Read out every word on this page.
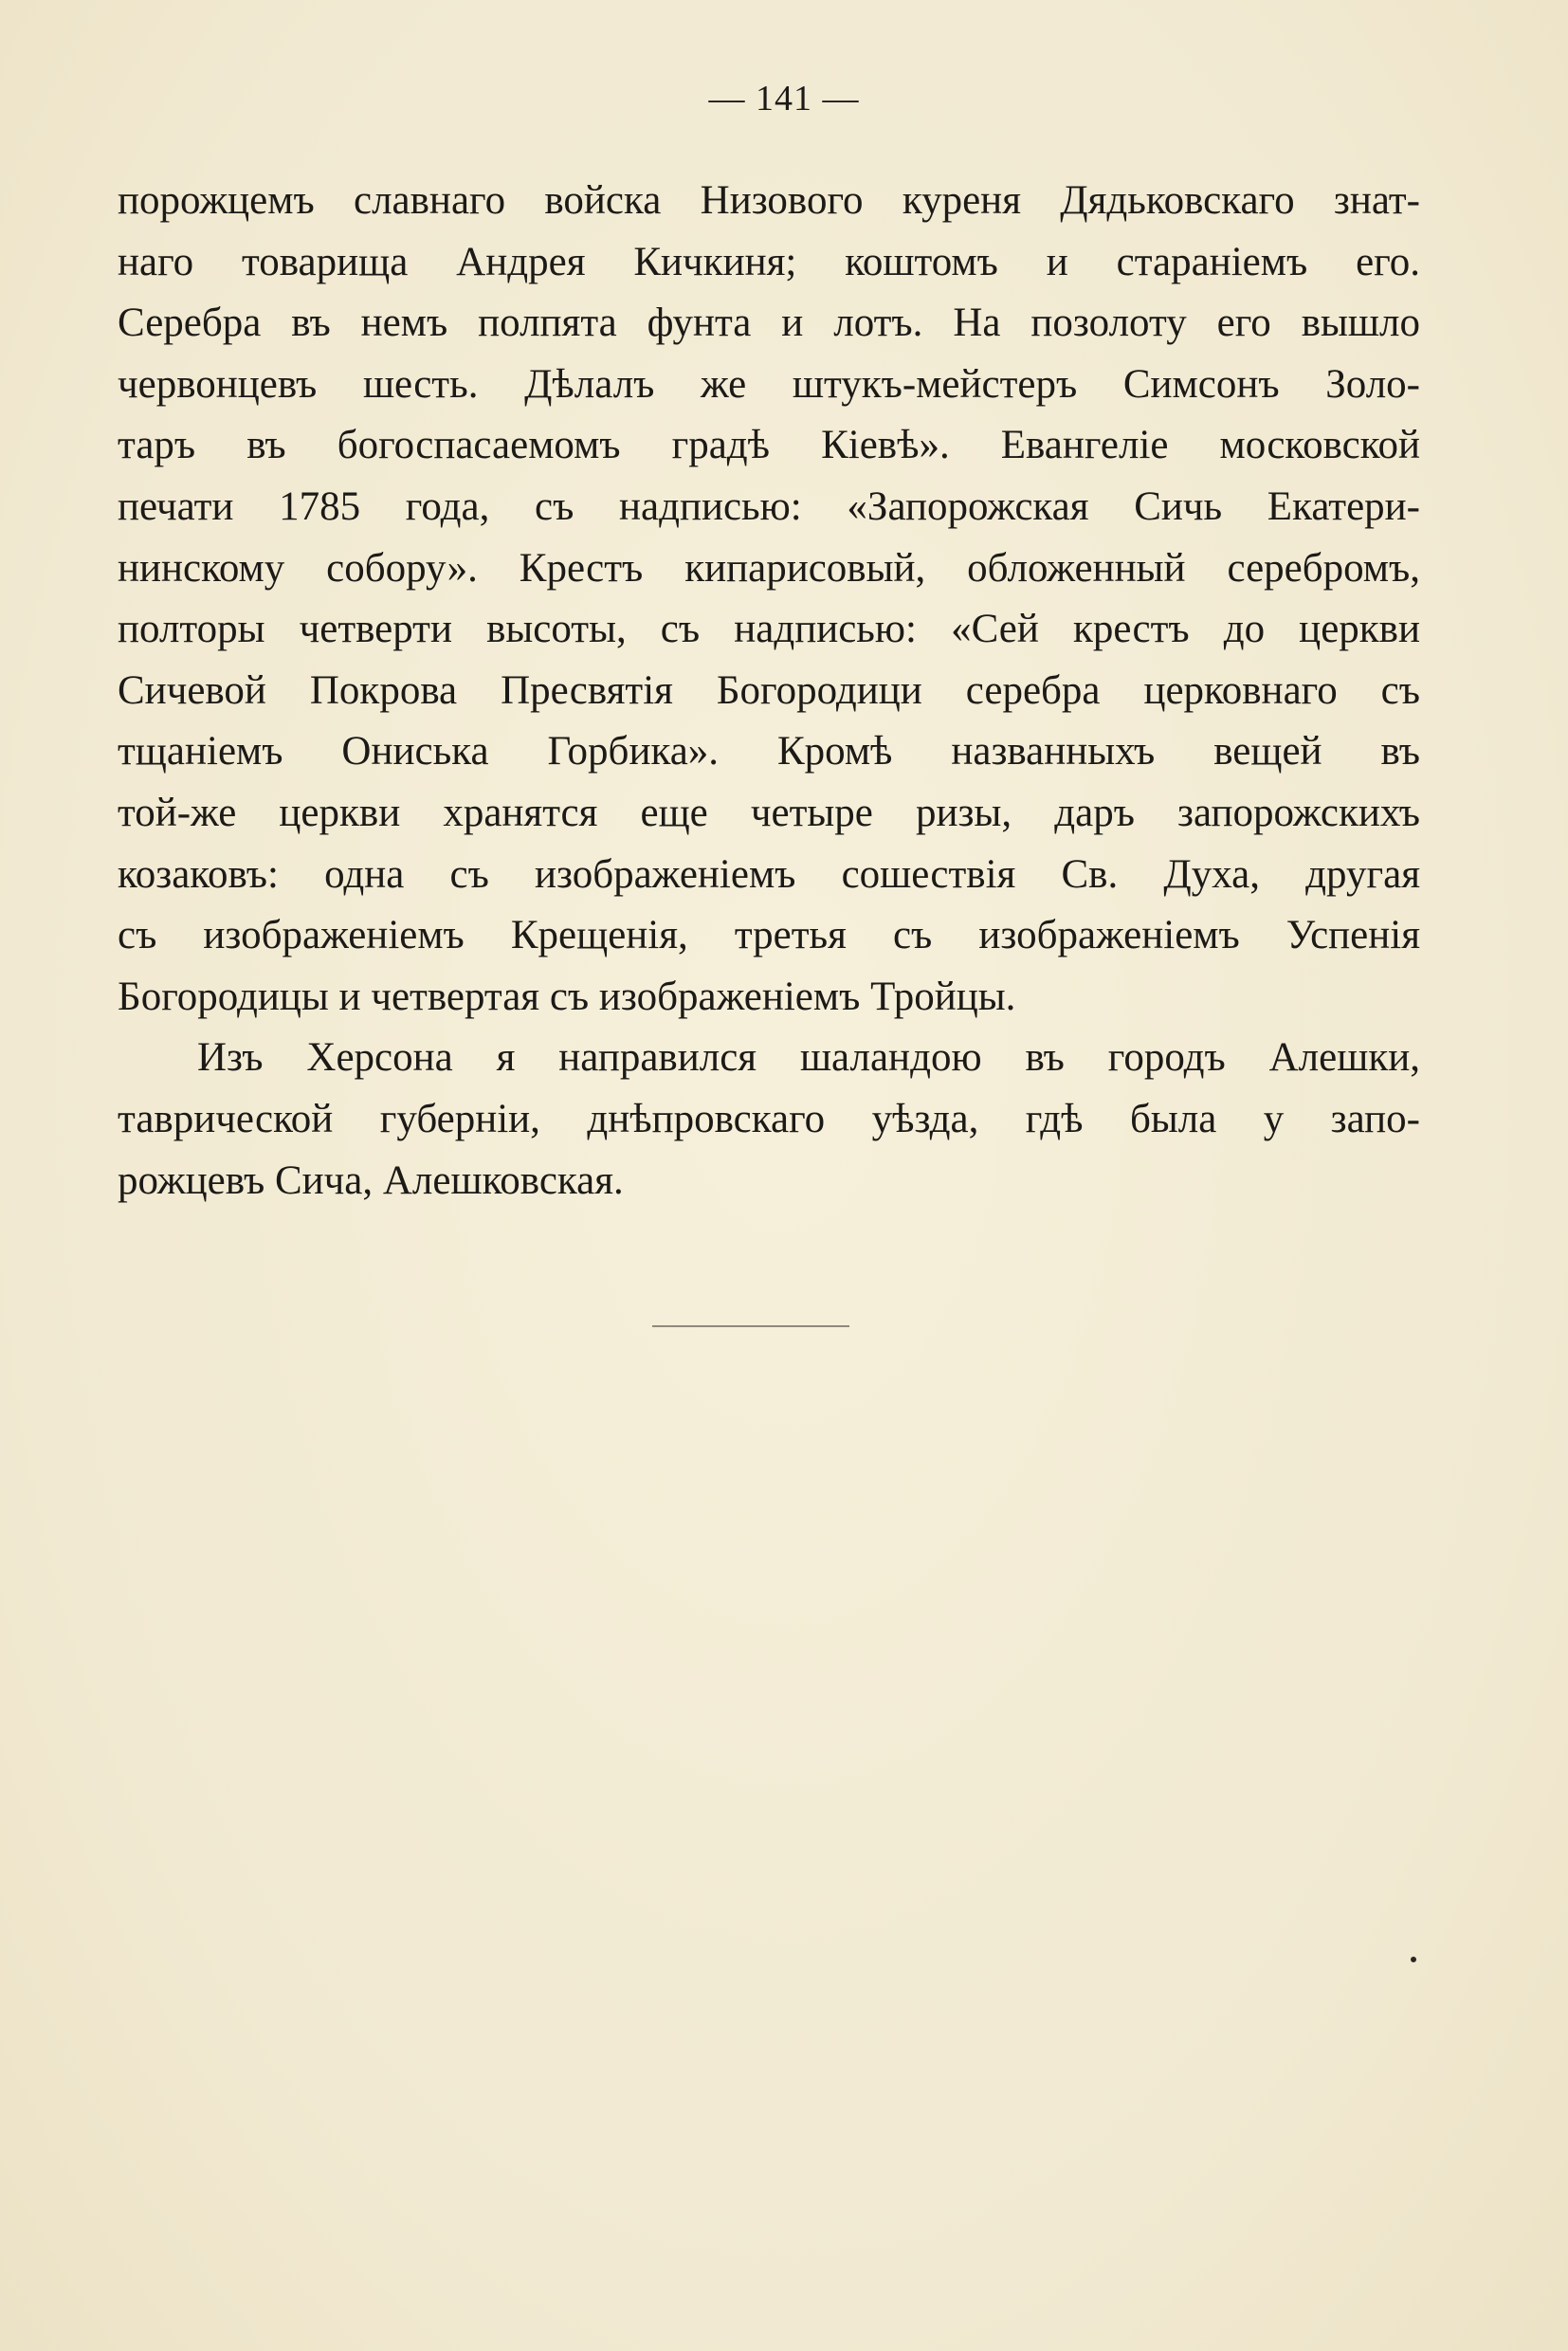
— 141 —
порожцемъ славнаго войска Низового куреня Дядьковскаго знат-
наго товарища Андрея Кичкиня; коштомъ и стараніемъ его.
Серебра въ немъ полпята фунта и лотъ. На позолоту его вышло
червонцевъ шесть. Дѣлалъ же штукъ-мейстеръ Симсонъ Золо-
таръ въ богоспасаемомъ градѣ Кіевѣ». Евангеліе московской
печати 1785 года, съ надписью: «Запорожская Сичь Екатери-
нинскому собору». Крестъ кипарисовый, обложенный серебромъ,
полторы четверти высоты, съ надписью: «Сей крестъ до церкви
Сичевой Покрова Пресвятія Богородици серебра церковнаго съ
тщаніемъ Ониська Горбика». Кромѣ названныхъ вещей въ
той-же церкви хранятся еще четыре ризы, даръ запорожскихъ
козаковъ: одна съ изображеніемъ сошествія Св. Духа, другая
съ изображеніемъ Крещенія, третья съ изображеніемъ Успенія
Богородицы и четвертая съ изображеніемъ Тройцы.
Изъ Херсона я направился шаландою въ городъ Алешки,
таврической губерніи, днѣпровскаго уѣзда, гдѣ была у запо-
рожцевъ Сича, Алешковская.
